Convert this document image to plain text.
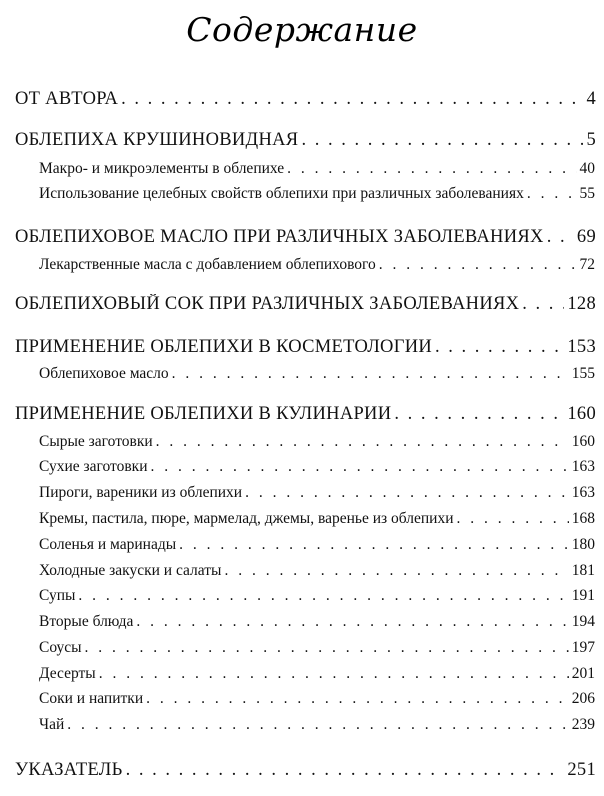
Содержание
ОТ АВТОРА . . .	4
ОБЛЕПИХА КРУШИНОВИДНАЯ . . .	5
Макро- и микроэлементы в облепихе . . .	40
Использование целебных свойств облепихи при различных заболеваниях . . .	55
ОБЛЕПИХОВОЕ МАСЛО ПРИ РАЗЛИЧНЫХ ЗАБОЛЕВАНИЯХ . . . 69
Лекарственные масла с добавлением облепихового . . .	72
ОБЛЕПИХОВЫЙ СОК ПРИ РАЗЛИЧНЫХ ЗАБОЛЕВАНИЯХ . . .	128
ПРИМЕНЕНИЕ ОБЛЕПИХИ В КОСМЕТОЛОГИИ . . .	153
Облепиховое масло . . .	155
ПРИМЕНЕНИЕ ОБЛЕПИХИ В КУЛИНАРИИ . . .	160
Сырые заготовки . . .	160
Сухие заготовки . . .	163
Пироги, вареники из облепихи . . .	163
Кремы, пастила, пюре, мармелад, джемы, варенье из облепихи . . .	168
Соленья и маринады . . .	180
Холодные закуски и салаты . . .	181
Супы . . .	191
Вторые блюда . . .	194
Соусы . . .	197
Десерты . . .	201
Соки и напитки . . .	206
Чай . . .	239
УКАЗАТЕЛЬ . . .	251
